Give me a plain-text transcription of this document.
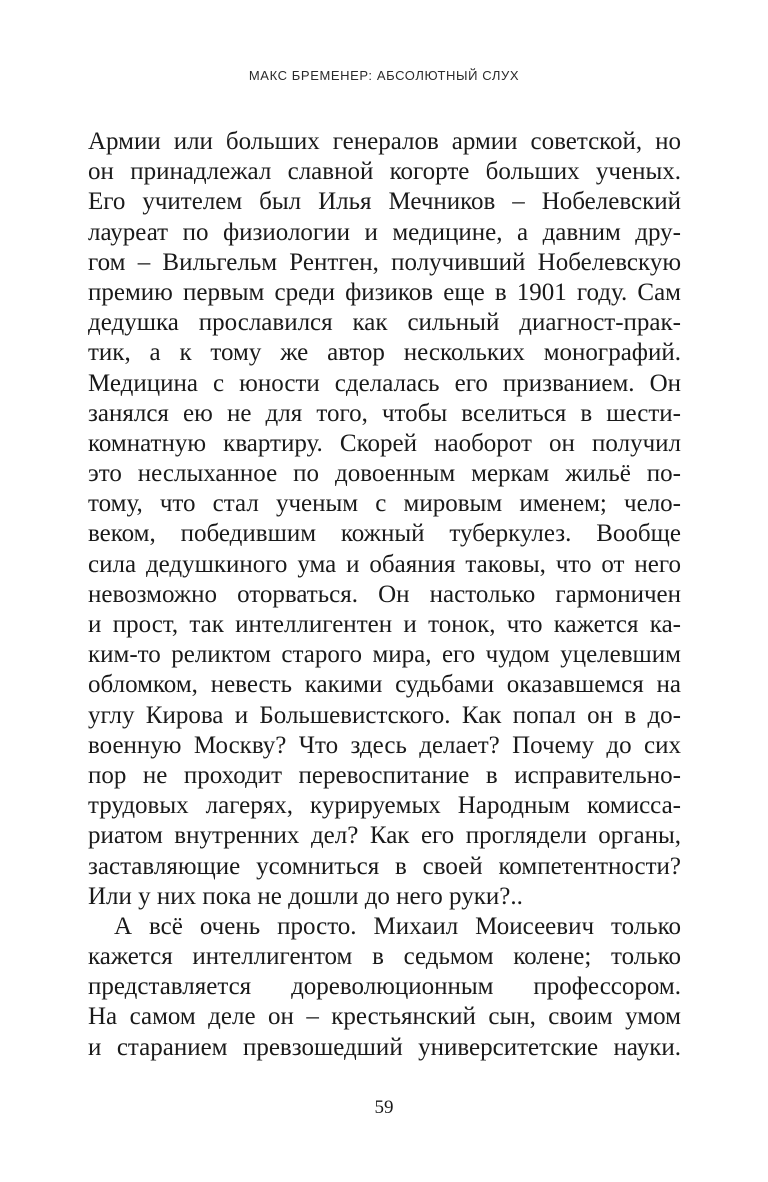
МАКС БРЕМЕНЕР: АБСОЛЮТНЫЙ СЛУХ
Армии или больших генералов армии советской, но
он принадлежал славной когорте больших ученых.
Его учителем был Илья Мечников – Нобелевский
лауреат по физиологии и медицине, а давним дру-
гом – Вильгельм Рентген, получивший Нобелевскую
премию первым среди физиков еще в 1901 году. Сам
дедушка прославился как сильный диагност-прак-
тик, а к тому же автор нескольких монографий.
Медицина с юности сделалась его призванием. Он
занялся ею не для того, чтобы вселиться в шести-
комнатную квартиру. Скорей наоборот он получил
это неслыханное по довоенным меркам жильё по-
тому, что стал ученым с мировым именем; чело-
веком, победившим кожный туберкулез. Вообще
сила дедушкиного ума и обаяния таковы, что от него
невозможно оторваться. Он настолько гармоничен
и прост, так интеллигентен и тонок, что кажется ка-
ким-то реликтом старого мира, его чудом уцелевшим
обломком, невесть какими судьбами оказавшемся на
углу Кирова и Большевистского. Как попал он в до-
военную Москву? Что здесь делает? Почему до сих
пор не проходит перевоспитание в исправительно-
трудовых лагерях, курируемых Народным комисса-
риатом внутренних дел? Как его проглядели органы,
заставляющие усомниться в своей компетентности?
Или у них пока не дошли до него руки?..
А всё очень просто. Михаил Моисеевич только
кажется интеллигентом в седьмом колене; только
представляется дореволюционным профессором.
На самом деле он – крестьянский сын, своим умом
и старанием превзошедший университетские науки.
59
